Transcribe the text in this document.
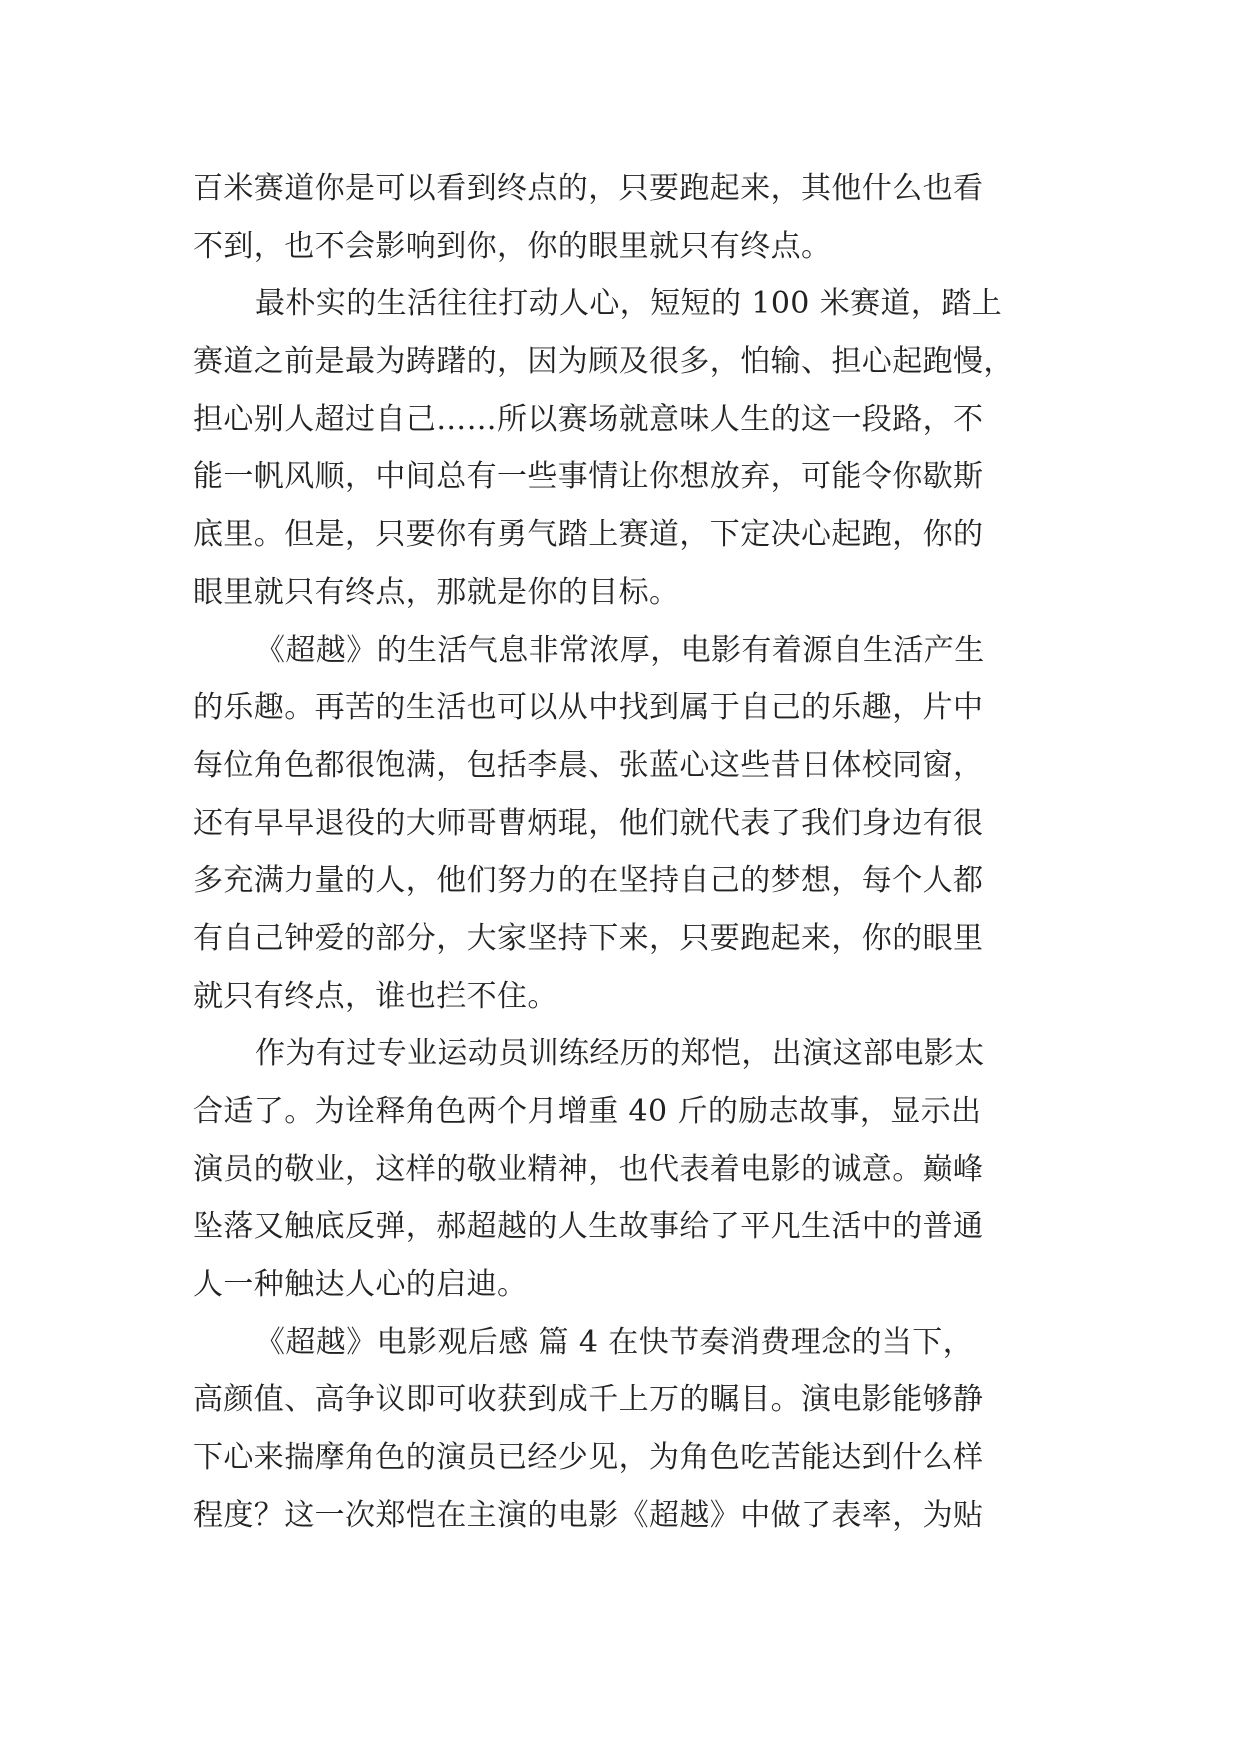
百米赛道你是可以看到终点的，只要跑起来，其他什么也看
不到，也不会影响到你，你的眼里就只有终点。
最朴实的生活往往打动人心，短短的 100 米赛道，踏上
赛道之前是最为踌躇的，因为顾及很多，怕输、担心起跑慢，
担心别人超过自己……所以赛场就意味人生的这一段路，不
能一帆风顺，中间总有一些事情让你想放弃，可能令你歇斯
底里。但是，只要你有勇气踏上赛道，下定决心起跑，你的
眼里就只有终点，那就是你的目标。
《超越》的生活气息非常浓厚，电影有着源自生活产生
的乐趣。再苦的生活也可以从中找到属于自己的乐趣，片中
每位角色都很饱满，包括李晨、张蓝心这些昔日体校同窗，
还有早早退役的大师哥曹炳琨，他们就代表了我们身边有很
多充满力量的人，他们努力的在坚持自己的梦想，每个人都
有自己钟爱的部分，大家坚持下来，只要跑起来，你的眼里
就只有终点，谁也拦不住。
作为有过专业运动员训练经历的郑恺，出演这部电影太
合适了。为诠释角色两个月增重 40 斤的励志故事，显示出
演员的敬业，这样的敬业精神，也代表着电影的诚意。巅峰
坠落又触底反弹，郝超越的人生故事给了平凡生活中的普通
人一种触达人心的启迪。
《超越》电影观后感 篇 4 在快节奏消费理念的当下，
高颜值、高争议即可收获到成千上万的瞩目。演电影能够静
下心来揣摩角色的演员已经少见，为角色吃苦能达到什么样
程度？这一次郑恺在主演的电影《超越》中做了表率，为贴
